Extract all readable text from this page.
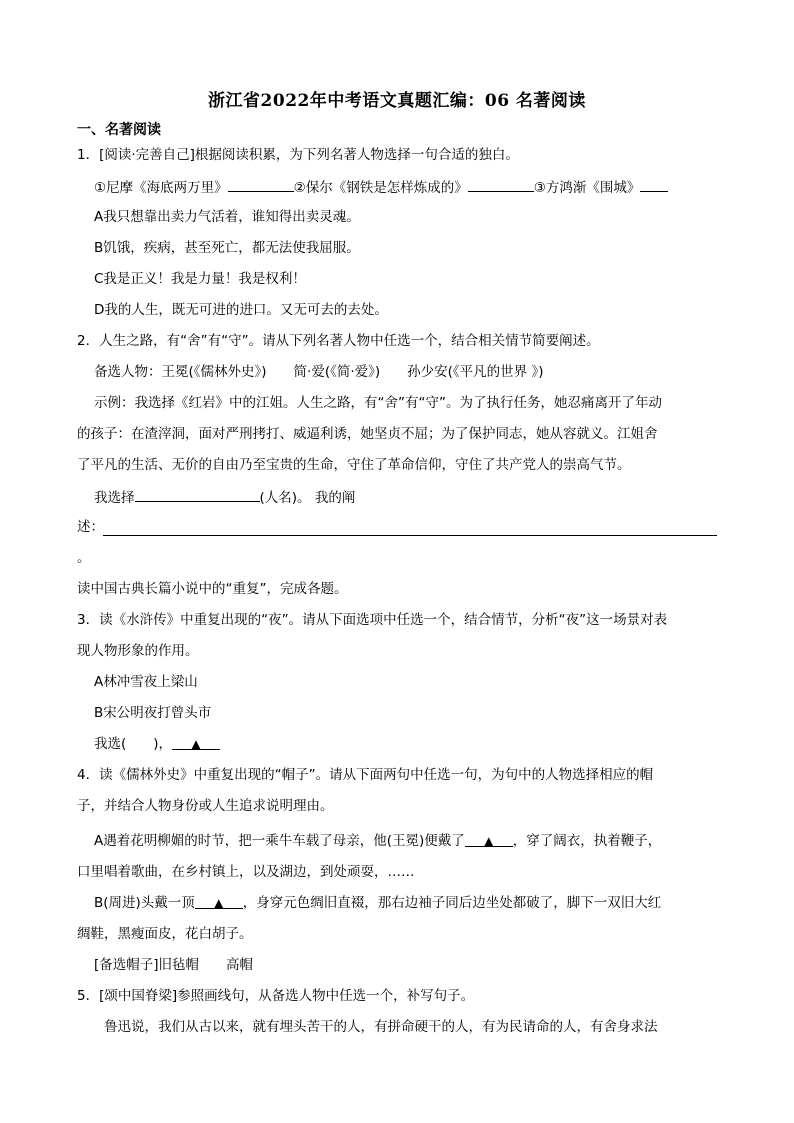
浙江省2022年中考语文真题汇编：06 名著阅读
一、名著阅读
1．[阅读·完善自己]根据阅读积累，为下列名著人物选择一句合适的独白。
①尼摩《海底两万里》	②保尔《钢铁是怎样炼成的》	③方鸿渐《围城》
A我只想靠出卖力气活着，谁知得出卖灵魂。
B饥饿，疾病，甚至死亡，都无法使我屈服。
C我是正义！我是力量！我是权利！
D我的人生，既无可进的进口。又无可去的去处。
2．人生之路，有“舍”有“守”。请从下列名著人物中任选一个，结合相关情节简要阐述。
备选人物：王冕(《儒林外史》)　　简·爱(《简·爱》)　　孙少安(《平凡的世界 》)
示例：我选择《红岩》中的江姐。人生之路，有“舍”有“守”。为了执行任务，她忍痛离开了年动
的孩子：在渣滓洞，面对严刑拷打、威逼利诱，她坚贞不屈；为了保护同志，她从容就义。江姐舍
了平凡的生活、无价的自由乃至宝贵的生命，守住了革命信仰，守住了共产党人的崇高气节。
我选择	(人名)。 我的阐
述：
。
读中国古典长篇小说中的“重复”，完成各题。
3．读《水浒传》中重复出现的“夜”。请从下面选项中任选一个，结合情节，分析“夜”这一场景对表
现人物形象的作用。
A林冲雪夜上梁山
B宋公明夜打曾头市
我选(　　)， ▲
4．读《儒林外史》中重复出现的“帽子”。请从下面两句中任选一句，为句中的人物选择相应的帽
子，并结合人物身份或人生追求说明理由。
A遇着花明柳媚的时节，把一乘牛车载了母亲，他(王冕)便戴了 ▲ ，穿了阔衣，执着鞭子，
口里唱着歌曲，在乡村镇上，以及湖边，到处顽耍，……
B(周进)头戴一顶 ▲ ，身穿元色绸旧直裰，那右边袖子同后边坐处都破了，脚下一双旧大红
绸鞋，黑瘦面皮，花白胡子。
[备选帽子]旧毡帽　　高帽
5．[颂中国脊梁]参照画线句，从备选人物中任选一个，补写句子。
鲁迅说，我们从古以来，就有埋头苦干的人，有拼命硬干的人，有为民请命的人，有舍身求法
